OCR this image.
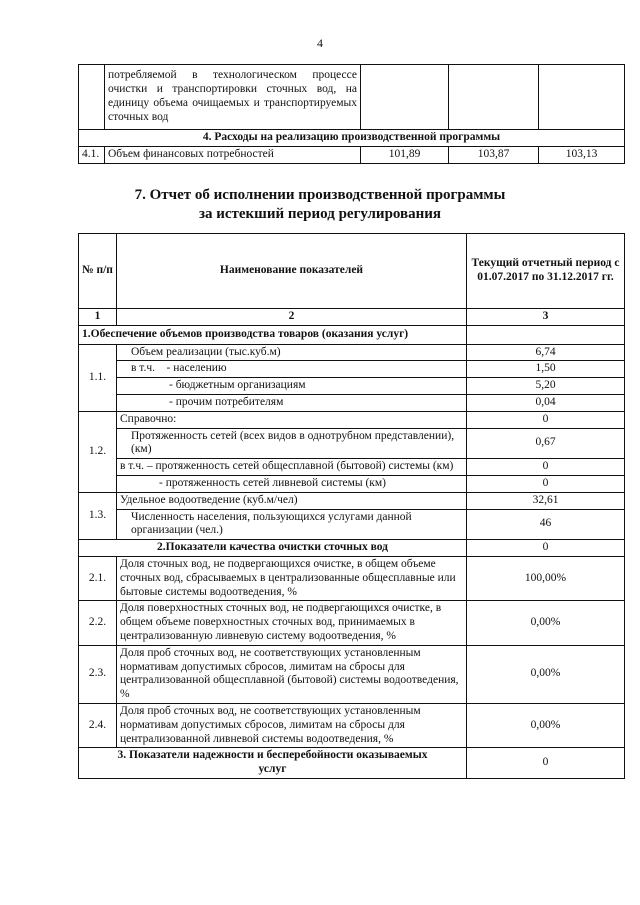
4
	потребляемой в технологическом процессе очистки и транспортировки сточных вод, на единицу объема очищаемых и транспортируемых сточных вод			
4. Расходы на реализацию производственной программы				
4.1.	Объем финансовых потребностей	101,89	103,87	103,13
7. Отчет об исполнении производственной программы
за истекший период регулирования
№ п/п	Наименование показателей	Текущий отчетный период с 01.07.2017 по 31.12.2017 гг.
1	2	3
1.Обеспечение объемов производства товаров (оказания услуг)		
1.1.	Объем реализации (тыс.куб.м)	6,74
	в т.ч.    - населению	1,50
	- бюджетным организациям	5,20
	- прочим потребителям	0,04
1.2.	Справочно:	0
	Протяженность сетей (всех видов в однотрубном представлении), (км)	0,67
	в т.ч. – протяженность сетей общесплавной (бытовой) системы (км)	0
	- протяженность сетей ливневой системы (км)	0
1.3.	Удельное водоотведение (куб.м/чел)	32,61
	Численность населения, пользующихся услугами данной организации (чел.)	46
2.Показатели качества очистки сточных вод		0
2.1.	Доля сточных вод, не подвергающихся очистке, в общем объеме сточных вод, сбрасываемых в централизованные общесплавные или бытовые системы водоотведения, %	100,00%
2.2.	Доля поверхностных сточных вод, не подвергающихся очистке, в общем объеме поверхностных сточных вод, принимаемых в централизованную ливневую систему водоотведения, %	0,00%
2.3.	Доля проб сточных вод, не соответствующих установленным нормативам допустимых сбросов, лимитам на сбросы для централизованной общесплавной (бытовой) системы водоотведения, %	0,00%
2.4.	Доля проб сточных вод, не соответствующих установленным нормативам допустимых сбросов, лимитам на сбросы для централизованной ливневой системы водоотведения, %	0,00%
3. Показатели надежности и бесперебойности оказываемых услуг		0
